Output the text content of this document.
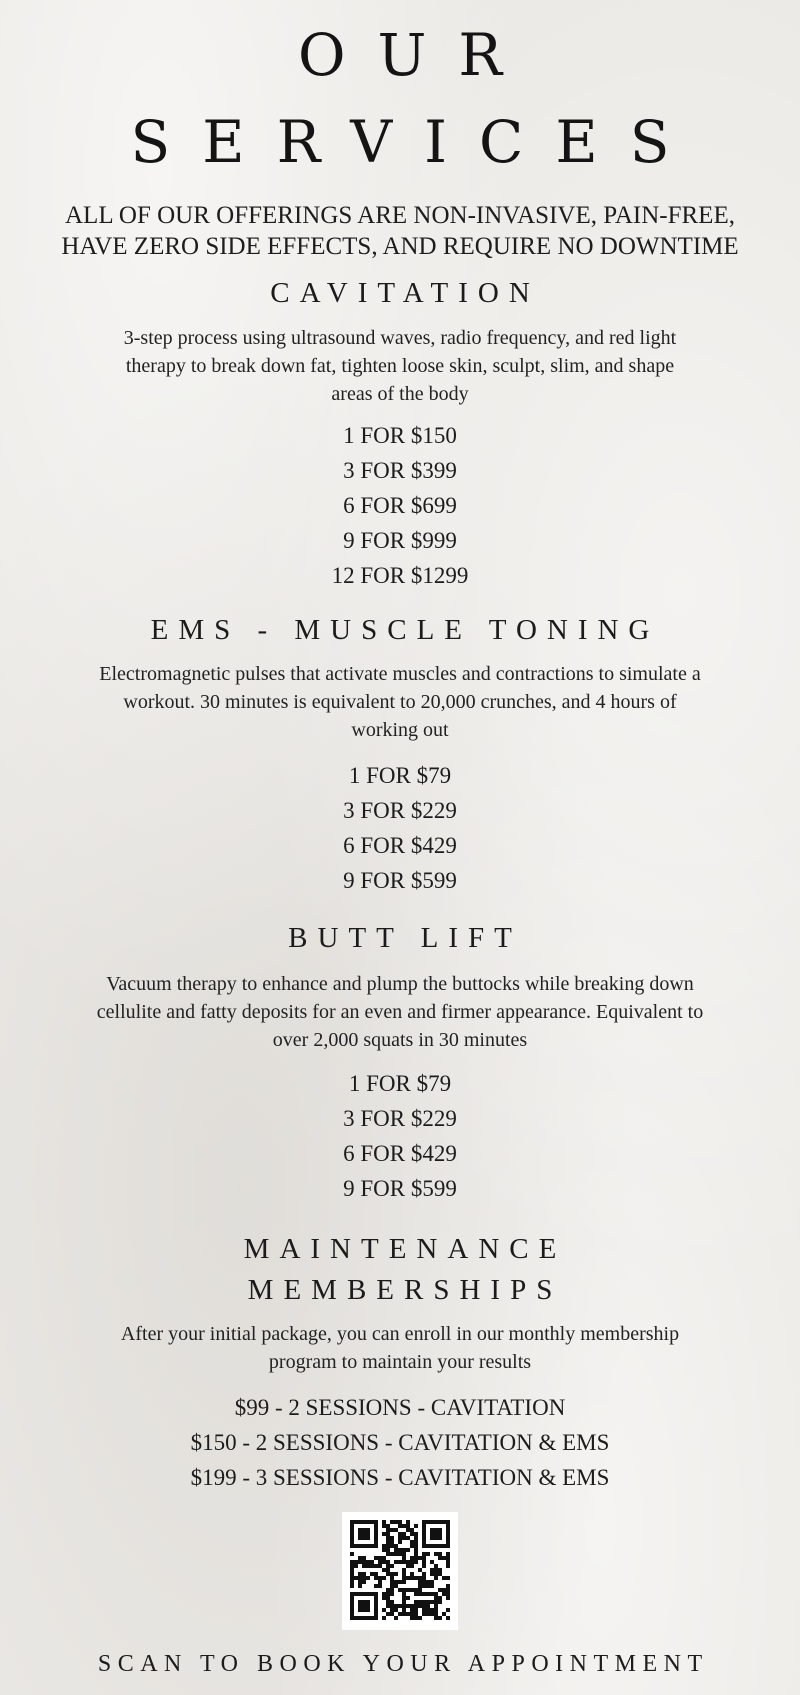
OUR
SERVICES
ALL OF OUR OFFERINGS ARE NON-INVASIVE, PAIN-FREE,
HAVE ZERO SIDE EFFECTS, AND REQUIRE NO DOWNTIME
CAVITATION
3-step process using ultrasound waves, radio frequency, and red light
therapy to break down fat, tighten loose skin, sculpt, slim, and shape
areas of the body
1 FOR $150
3 FOR $399
6 FOR $699
9 FOR $999
12 FOR $1299
EMS - MUSCLE TONING
Electromagnetic pulses that activate muscles and contractions to simulate a
workout. 30 minutes is equivalent to 20,000 crunches, and 4 hours of
working out
1 FOR $79
3 FOR $229
6 FOR $429
9 FOR $599
BUTT LIFT
Vacuum therapy to enhance and plump the buttocks while breaking down
cellulite and fatty deposits for an even and firmer appearance. Equivalent to
over 2,000 squats in 30 minutes
1 FOR $79
3 FOR $229
6 FOR $429
9 FOR $599
MAINTENANCE
MEMBERSHIPS
After your initial package, you can enroll in our monthly membership
program to maintain your results
$99 - 2 SESSIONS - CAVITATION
$150 - 2 SESSIONS - CAVITATION & EMS
$199 - 3 SESSIONS - CAVITATION & EMS
SCAN TO BOOK YOUR APPOINTMENT
